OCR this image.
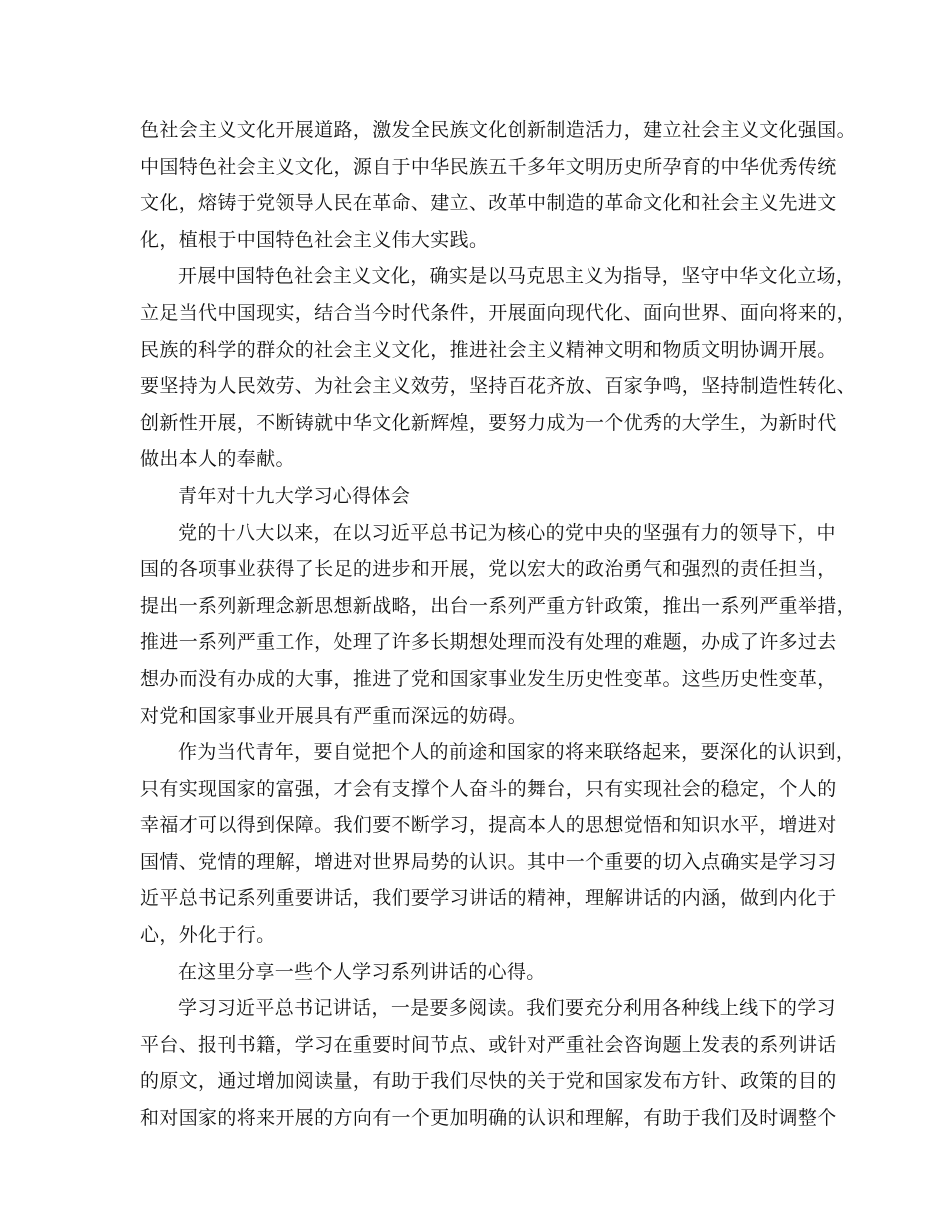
色社会主义文化开展道路，激发全民族文化创新制造活力，建立社会主义文化强国。
中国特色社会主义文化，源自于中华民族五千多年文明历史所孕育的中华优秀传统
文化，熔铸于党领导人民在革命、建立、改革中制造的革命文化和社会主义先进文
化，植根于中国特色社会主义伟大实践。
开展中国特色社会主义文化，确实是以马克思主义为指导，坚守中华文化立场，
立足当代中国现实，结合当今时代条件，开展面向现代化、面向世界、面向将来的，
民族的科学的群众的社会主义文化，推进社会主义精神文明和物质文明协调开展。
要坚持为人民效劳、为社会主义效劳，坚持百花齐放、百家争鸣，坚持制造性转化、
创新性开展，不断铸就中华文化新辉煌，要努力成为一个优秀的大学生，为新时代
做出本人的奉献。
青年对十九大学习心得体会
党的十八大以来，在以习近平总书记为核心的党中央的坚强有力的领导下，中
国的各项事业获得了长足的进步和开展，党以宏大的政治勇气和强烈的责任担当，
提出一系列新理念新思想新战略，出台一系列严重方针政策，推出一系列严重举措，
推进一系列严重工作，处理了许多长期想处理而没有处理的难题，办成了许多过去
想办而没有办成的大事，推进了党和国家事业发生历史性变革。这些历史性变革，
对党和国家事业开展具有严重而深远的妨碍。
作为当代青年，要自觉把个人的前途和国家的将来联络起来，要深化的认识到，
只有实现国家的富强，才会有支撑个人奋斗的舞台，只有实现社会的稳定，个人的
幸福才可以得到保障。我们要不断学习，提高本人的思想觉悟和知识水平，增进对
国情、党情的理解，增进对世界局势的认识。其中一个重要的切入点确实是学习习
近平总书记系列重要讲话，我们要学习讲话的精神，理解讲话的内涵，做到内化于
心，外化于行。
在这里分享一些个人学习系列讲话的心得。
学习习近平总书记讲话，一是要多阅读。我们要充分利用各种线上线下的学习
平台、报刊书籍，学习在重要时间节点、或针对严重社会咨询题上发表的系列讲话
的原文，通过增加阅读量，有助于我们尽快的关于党和国家发布方针、政策的目的
和对国家的将来开展的方向有一个更加明确的认识和理解，有助于我们及时调整个
